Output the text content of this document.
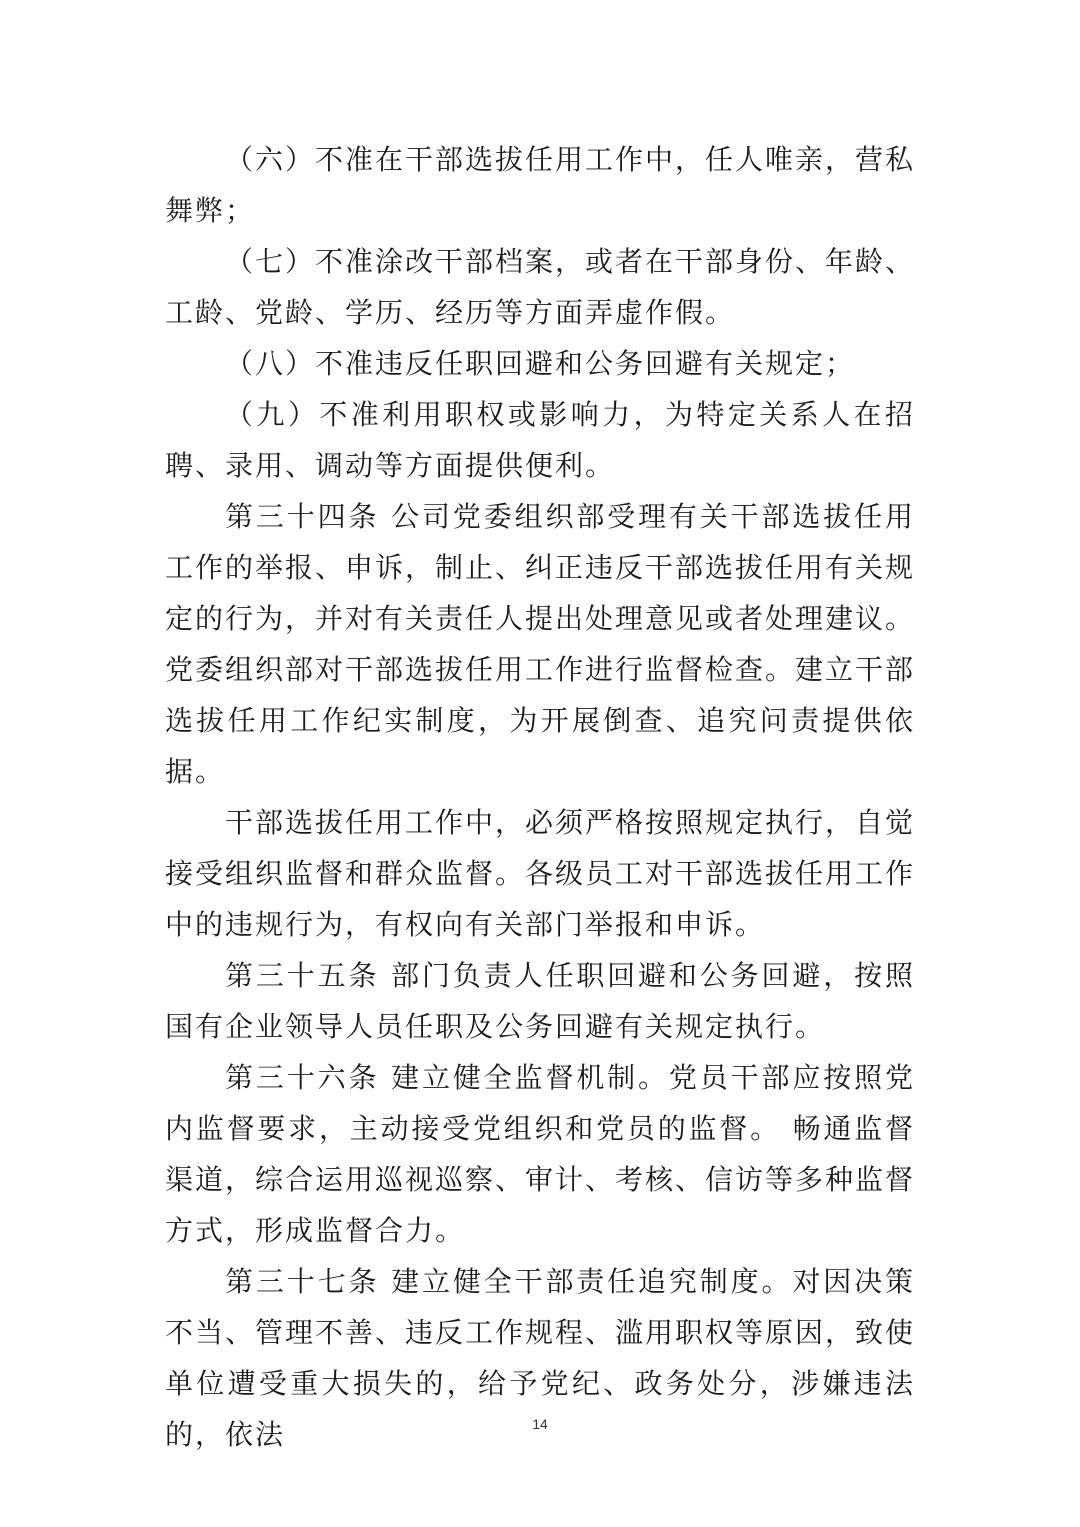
（六）不准在干部选拔任用工作中，任人唯亲，营私舞弊；

（七）不准涂改干部档案，或者在干部身份、年龄、工龄、党龄、学历、经历等方面弄虚作假。

（八）不准违反任职回避和公务回避有关规定；

（九）不准利用职权或影响力，为特定关系人在招聘、录用、调动等方面提供便利。

第三十四条 公司党委组织部受理有关干部选拔任用工作的举报、申诉，制止、纠正违反干部选拔任用有关规定的行为，并对有关责任人提出处理意见或者处理建议。党委组织部对干部选拔任用工作进行监督检查。建立干部选拔任用工作纪实制度，为开展倒查、追究问责提供依据。

干部选拔任用工作中，必须严格按照规定执行，自觉接受组织监督和群众监督。各级员工对干部选拔任用工作中的违规行为，有权向有关部门举报和申诉。

第三十五条 部门负责人任职回避和公务回避，按照国有企业领导人员任职及公务回避有关规定执行。

第三十六条 建立健全监督机制。党员干部应按照党内监督要求，主动接受党组织和党员的监督。 畅通监督渠道，综合运用巡视巡察、审计、考核、信访等多种监督方式，形成监督合力。

第三十七条 建立健全干部责任追究制度。对因决策不当、管理不善、违反工作规程、滥用职权等原因，致使单位遭受重大损失的，给予党纪、政务处分，涉嫌违法的，依法	14
